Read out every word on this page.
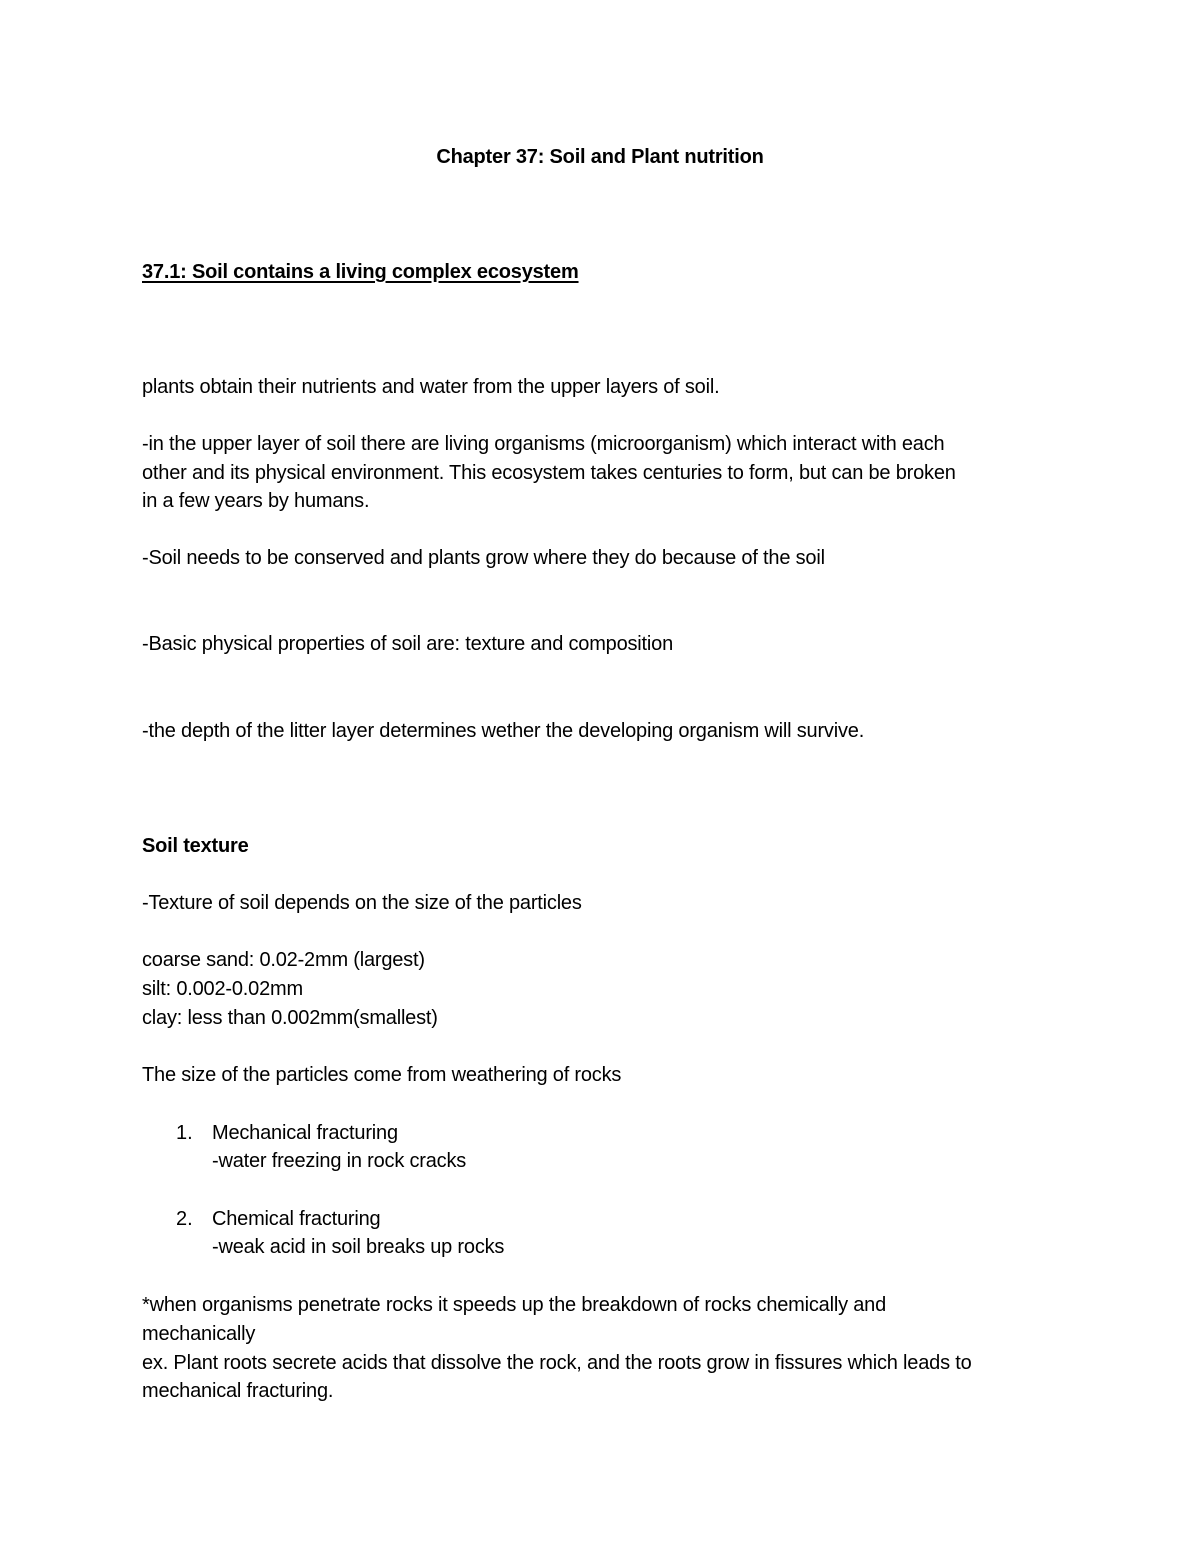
Chapter 37: Soil and Plant nutrition
37.1: Soil contains a living complex ecosystem
plants obtain their nutrients and water from the upper layers of soil.
-in the upper layer of soil there are living organisms (microorganism) which interact with each
other and its physical environment. This ecosystem takes centuries to form, but can be broken
in a few years by humans.
-Soil needs to be conserved and plants grow where they do because of the soil
-Basic physical properties of soil are: texture and composition
-the depth of the litter layer determines wether the developing organism will survive.
Soil texture
-Texture of soil depends on the size of the particles
coarse sand: 0.02-2mm (largest)
silt: 0.002-0.02mm
clay: less than 0.002mm(smallest)
The size of the particles come from weathering of rocks
1. Mechanical fracturing
-water freezing in rock cracks
2. Chemical fracturing
-weak acid in soil breaks up rocks
*when organisms penetrate rocks it speeds up the breakdown of rocks chemically and
mechanically
ex. Plant roots secrete acids that dissolve the rock, and the roots grow in fissures which leads to
mechanical fracturing.
